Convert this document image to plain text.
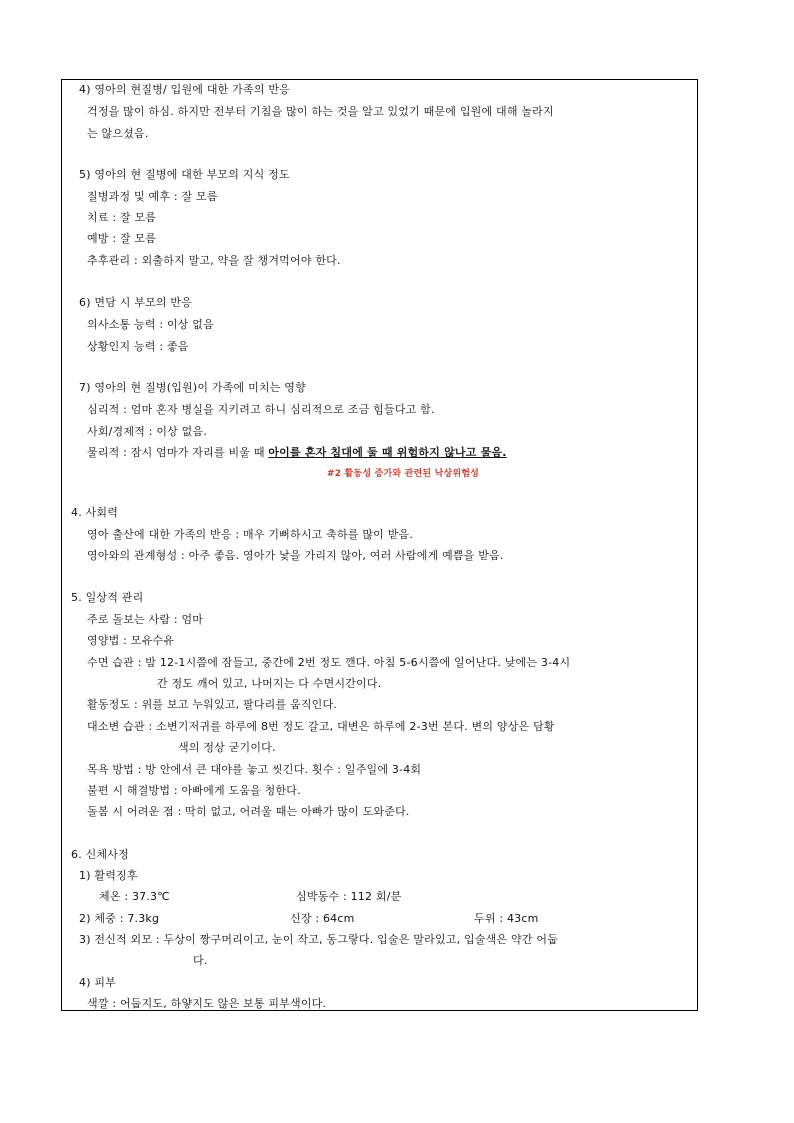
4) 영아의 현질병/ 입원에 대한 가족의 반응
걱정을 많이 하심. 하지만 전부터 기침을 많이 하는 것을 알고 있었기 때문에 입원에 대해 놀라지
는 않으셨음.
5) 영아의 현 질병에 대한 부모의 지식 정도
질병과정 및 예후 : 잘 모름
치료 : 잘 모름
예방 : 잘 모름
추후관리 : 외출하지 말고, 약을 잘 챙겨먹어야 한다.
6) 면담 시 부모의 반응
의사소통 능력 : 이상 없음
상황인지 능력 : 좋음
7) 영아의 현 질병(입원)이 가족에 미치는 영향
심리적 : 엄마 혼자 병실을 지키려고 하니 심리적으로 조금 힘들다고 함.
사회/경제적 : 이상 없음.
물리적 : 잠시 엄마가 자리를 비울 때 아이를 혼자 침대에 둘 때 위험하지 않나고 물음.
#2 활동성 증가와 관련된 낙상위험성
4. 사회력
영아 출산에 대한 가족의 반응 : 매우 기뻐하시고 축하를 많이 받음.
영아와의 관계형성 : 아주 좋음. 영아가 낯을 가리지 않아, 여러 사람에게 예쁨을 받음.
5. 일상적 관리
주로 돌보는 사람 : 엄마
영양법 : 모유수유
수면 습관 : 밤 12-1시쯤에 잠들고, 중간에 2번 정도 깬다. 아침 5-6시쯤에 일어난다. 낮에는 3-4시
간 정도 깨어 있고, 나머지는 다 수면시간이다.
활동정도 : 위를 보고 누워있고, 팔다리를 움직인다.
대소변 습관 : 소변기저귀를 하루에 8번 정도 갈고, 대변은 하루에 2-3번 본다. 변의 양상은 담황
색의 정상 굳기이다.
목욕 방법 : 방 안에서 큰 대야를 놓고 씻긴다. 횟수 : 일주일에 3-4회
불편 시 해결방법 : 아빠에게 도움을 청한다.
돌봄 시 어려운 점 : 딱히 없고, 어려울 때는 아빠가 많이 도와준다.
6. 신체사정
1) 활력징후
체온 : 37.3℃	심박동수 : 112 회/분
2) 체중 : 7.3kg	신장 : 64cm	두위 : 43cm
3) 전신적 외모 : 두상이 짱구머리이고, 눈이 작고, 동그랗다. 입술은 말라있고, 입술색은 약간 어둡
다.
4) 피부
색깔 : 어둡지도, 하얗지도 않은 보통 피부색이다.
